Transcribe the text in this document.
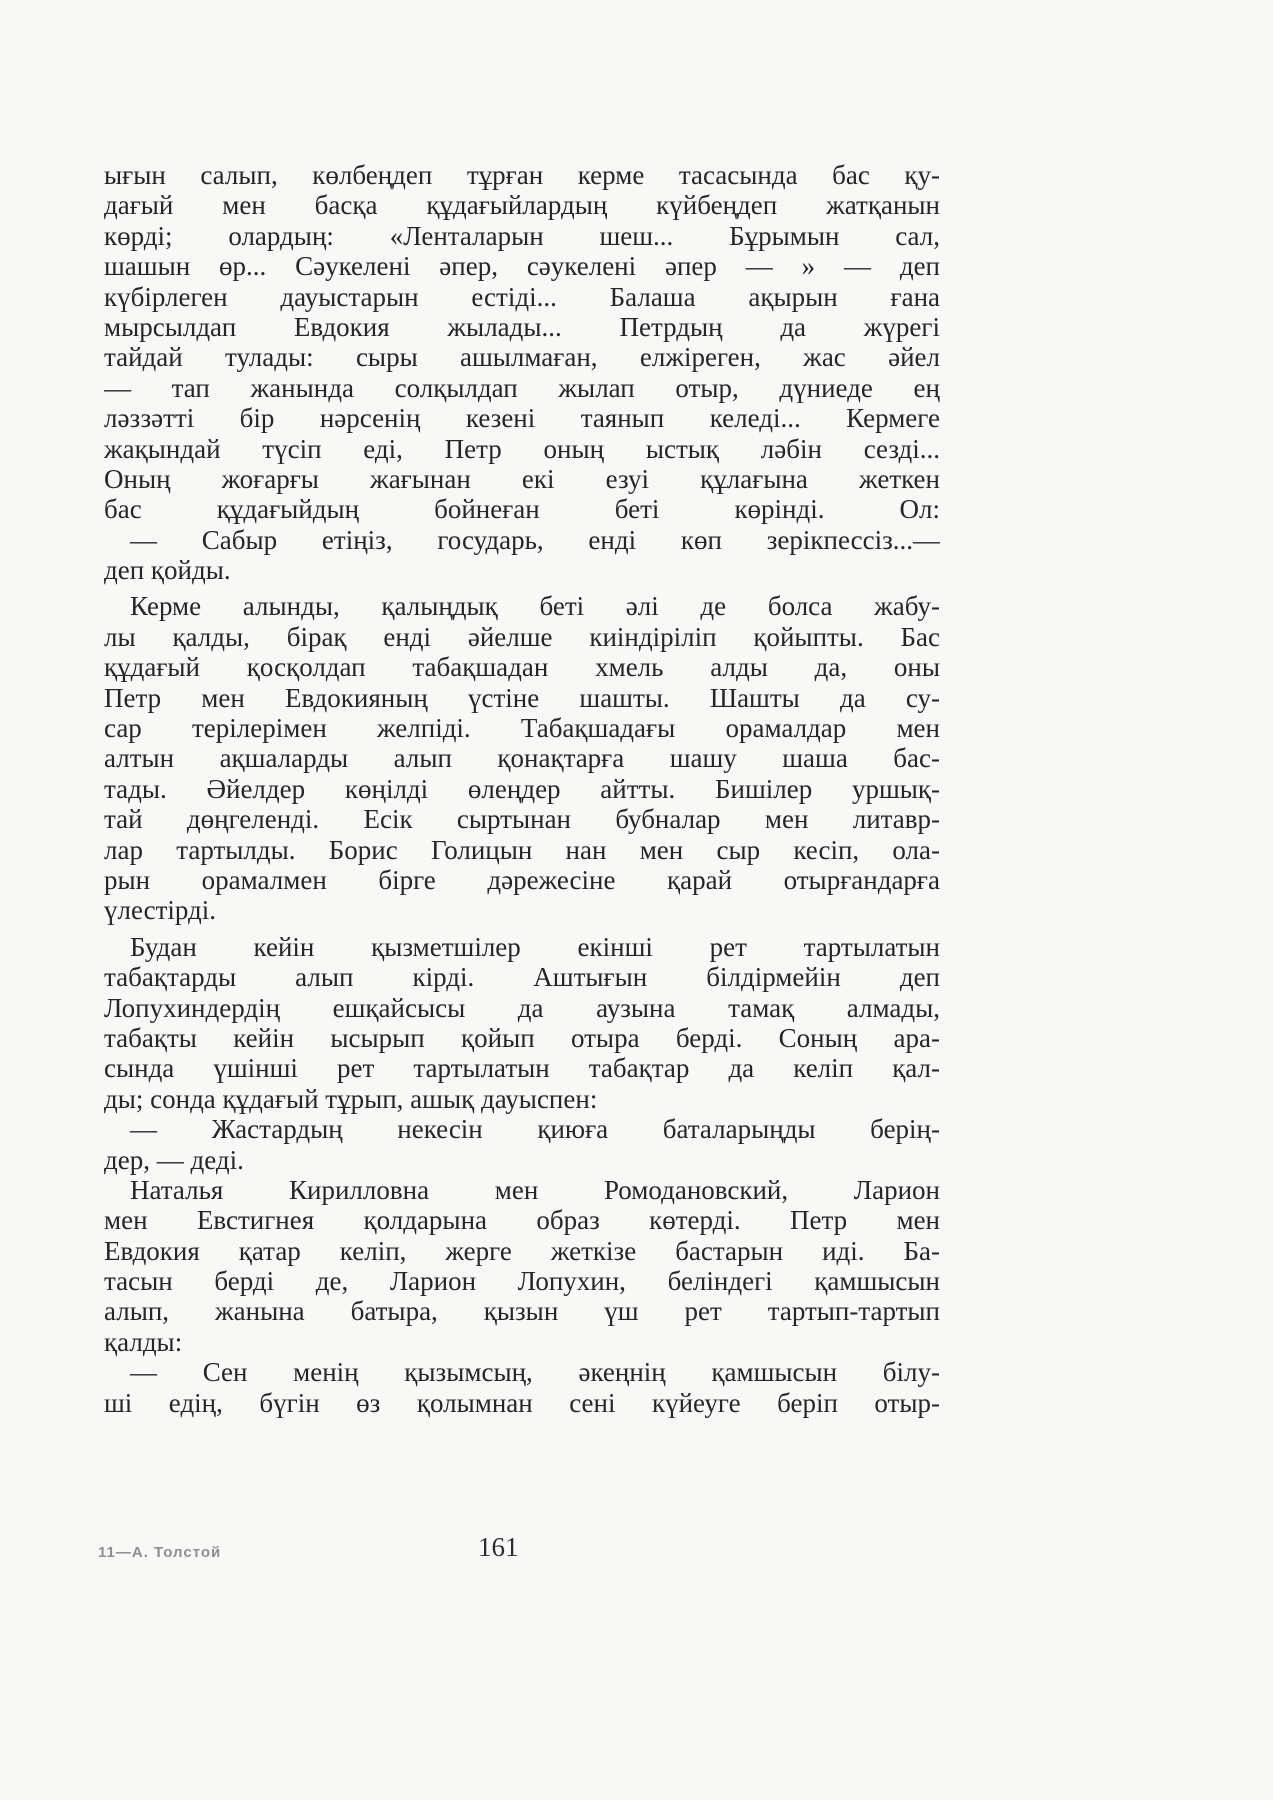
ығын салып, көлбеңдеп тұрған керме тасасында бас қу-
дағый мен басқа құдағыйлардың күйбеңдеп жатқанын
көрді; олардың: «Ленталарын шеш... Бұрымын сал,
шашын өр... Сәукелені әпер, сәукелені әпер — » — деп
күбірлеген дауыстарын естіді... Балаша ақырын ғана
мырсылдап Евдокия жылады... Петрдың да жүрегі
тайдай тулады: сыры ашылмаған, елжіреген, жас әйел
— тап жанында солқылдап жылап отыр, дүниеде ең
ләззәтті бір нәрсенің кезені таянып келеді... Кермеге
жақындай түсіп еді, Петр оның ыстық ләбін сезді...
Оның жоғарғы жағынан екі езуі құлағына жеткен
бас құдағыйдың бойнеған беті көрінді. Ол:
— Сабыр етіңіз, государь, енді көп зерікпессіз...—
деп қойды.
Керме алынды, қалыңдық беті әлі де болса жабу-
лы қалды, бірақ енді әйелше киіндіріліп қойыпты. Бас
құдағый қосқолдап табақшадан хмель алды да, оны
Петр мен Евдокияның үстіне шашты. Шашты да су-
сар терілерімен желпіді. Табақшадағы орамалдар мен
алтын ақшаларды алып қонақтарға шашу шаша бас-
тады. Әйелдер көңілді өлеңдер айтты. Бишілер уршық-
тай дөңгеленді. Есік сыртынан бубналар мен литавр-
лар тартылды. Борис Голицын нан мен сыр кесіп, ола-
рын орамалмен бірге дәрежесіне қарай отырғандарға
үлестірді.
Будан кейін қызметшілер екінші рет тартылатын
табақтарды алып кірді. Аштығын білдірмейін деп
Лопухиндердің ешқайсысы да аузына тамақ алмады,
табақты кейін ысырып қойып отыра берді. Соның ара-
сында үшінші рет тартылатын табақтар да келіп қал-
ды; сонда құдағый тұрып, ашық дауыспен:
— Жастардың некесін қиюға баталарыңды берің-
дер, — деді.
Наталья Кирилловна мен Ромодановский, Ларион
мен Евстигнея қолдарына образ көтерді. Петр мен
Евдокия қатар келіп, жерге жеткізе бастарын иді. Ба-
тасын берді де, Ларион Лопухин, беліндегі қамшысын
алып, жанына батыра, қызын үш рет тартып-тартып
қалды:
— Сен менің қызымсың, әкеңнің қамшысын білу-
ші едің, бүгін өз қолымнан сені күйеуге беріп отыр-
11—А. Толстой	161
